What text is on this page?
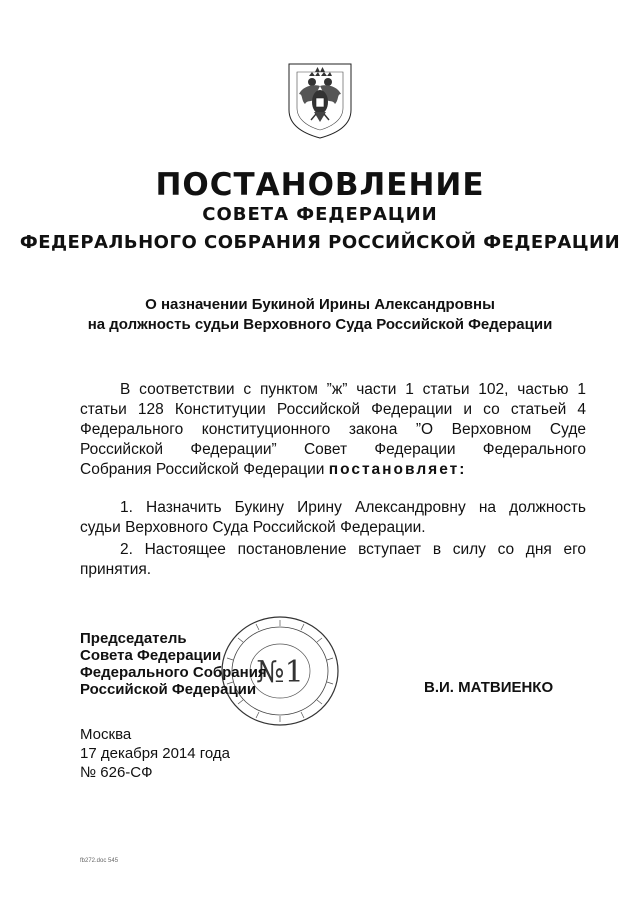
ПОСТАНОВЛЕНИЕ
СОВЕТА ФЕДЕРАЦИИ
ФЕДЕРАЛЬНОГО СОБРАНИЯ РОССИЙСКОЙ ФЕДЕРАЦИИ
О назначении Букиной Ирины Александровны
на должность судьи Верховного Суда Российской Федерации
В соответствии с пунктом ”ж” части 1 статьи 102, частью 1
статьи 128 Конституции Российской Федерации и со статьей 4
Федерального конституционного закона ”О Верховном Суде
Российской Федерации” Совет Федерации Федерального
Собрания Российской Федерации постановляет:
1. Назначить Букину Ирину Александровну на должность
судьи Верховного Суда Российской Федерации.
2. Настоящее постановление вступает в силу со дня его
принятия.
№1
Председатель
Совета Федерации
Федерального Собрания
Российской Федерации	В.И. МАТВИЕНКО
Москва
17 декабря 2014 года
№ 626-СФ
fb272.doc 545
